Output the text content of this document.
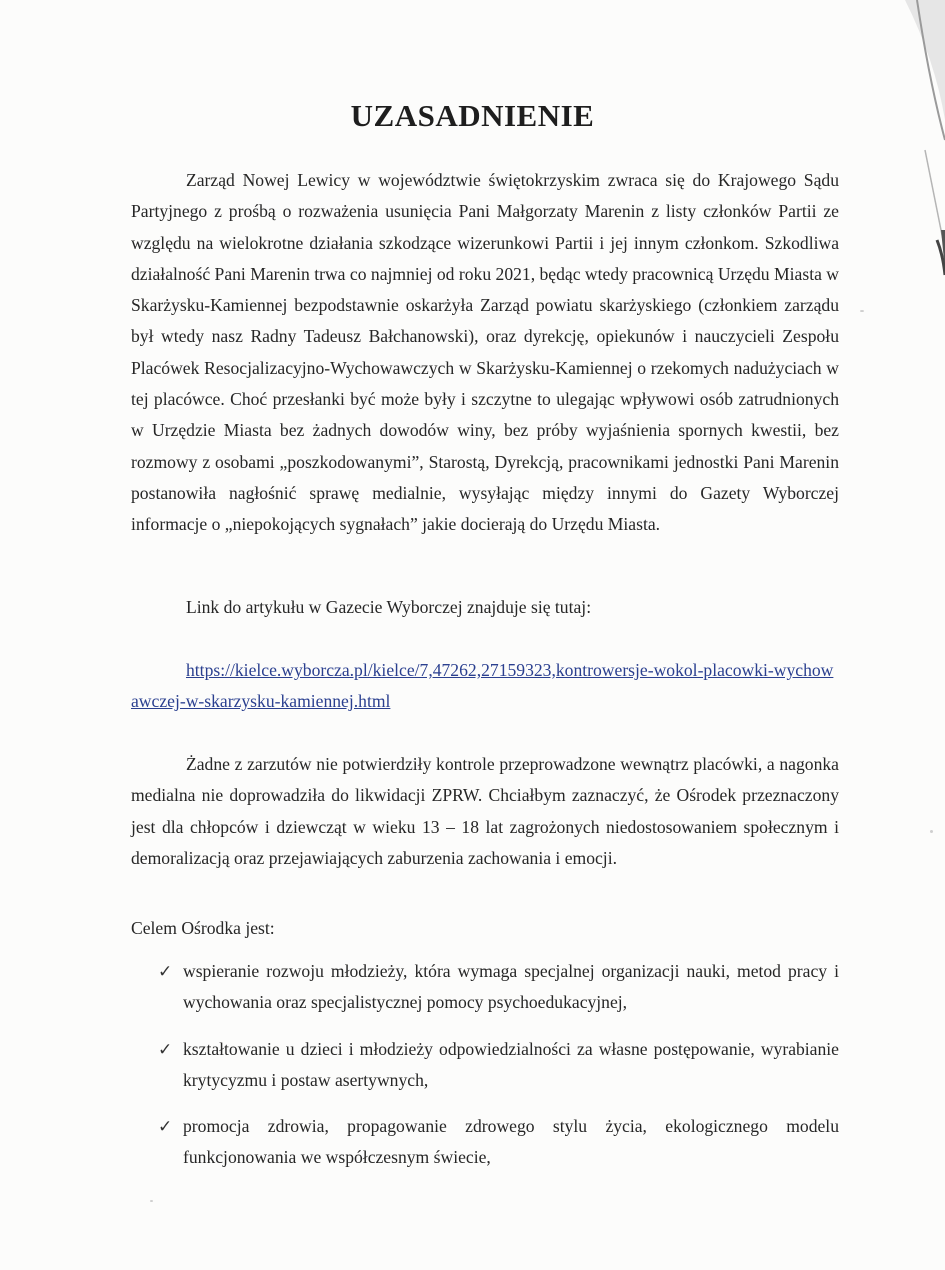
UZASADNIENIE

Zarząd Nowej Lewicy w województwie świętokrzyskim zwraca się do Krajowego Sądu Partyjnego z prośbą o rozważenia usunięcia Pani Małgorzaty Marenin z listy członków Partii ze względu na wielokrotne działania szkodzące wizerunkowi Partii i jej innym członkom. Szkodliwa działalność Pani Marenin trwa co najmniej od roku 2021, będąc wtedy pracownicą Urzędu Miasta w Skarżysku-Kamiennej bezpodstawnie oskarżyła Zarząd powiatu skarżyskiego (członkiem zarządu był wtedy nasz Radny Tadeusz Bałchanowski), oraz dyrekcję, opiekunów i nauczycieli Zespołu Placówek Resocjalizacyjno-Wychowawczych w Skarżysku-Kamiennej o rzekomych nadużyciach w tej placówce. Choć przesłanki być może były i szczytne to ulegając wpływowi osób zatrudnionych w Urzędzie Miasta bez żadnych dowodów winy, bez próby wyjaśnienia spornych kwestii, bez rozmowy z osobami „poszkodowanymi”, Starostą, Dyrekcją, pracownikami jednostki Pani Marenin postanowiła nagłośnić sprawę medialnie, wysyłając między innymi do Gazety Wyborczej informacje o „niepokojących sygnałach” jakie docierają do Urzędu Miasta.

Link do artykułu w Gazecie Wyborczej znajduje się tutaj:

https://kielce.wyborcza.pl/kielce/7,47262,27159323,kontrowersje-wokol-placowki-wychowawczej-w-skarzysku-kamiennej.html

Żadne z zarzutów nie potwierdziły kontrole przeprowadzone wewnątrz placówki, a nagonka medialna nie doprowadziła do likwidacji ZPRW. Chciałbym zaznaczyć, że Ośrodek przeznaczony jest dla chłopców i dziewcząt w wieku 13 – 18 lat zagrożonych niedostosowaniem społecznym i demoralizacją oraz przejawiających zaburzenia zachowania i emocji.

Celem Ośrodka jest:

✓ wspieranie rozwoju młodzieży, która wymaga specjalnej organizacji nauki, metod pracy i wychowania oraz specjalistycznej pomocy psychoedukacyjnej,
✓ kształtowanie u dzieci i młodzieży odpowiedzialności za własne postępowanie, wyrabianie krytycyzmu i postaw asertywnych,
✓ promocja zdrowia, propagowanie zdrowego stylu życia, ekologicznego modelu funkcjonowania we współczesnym świecie,
